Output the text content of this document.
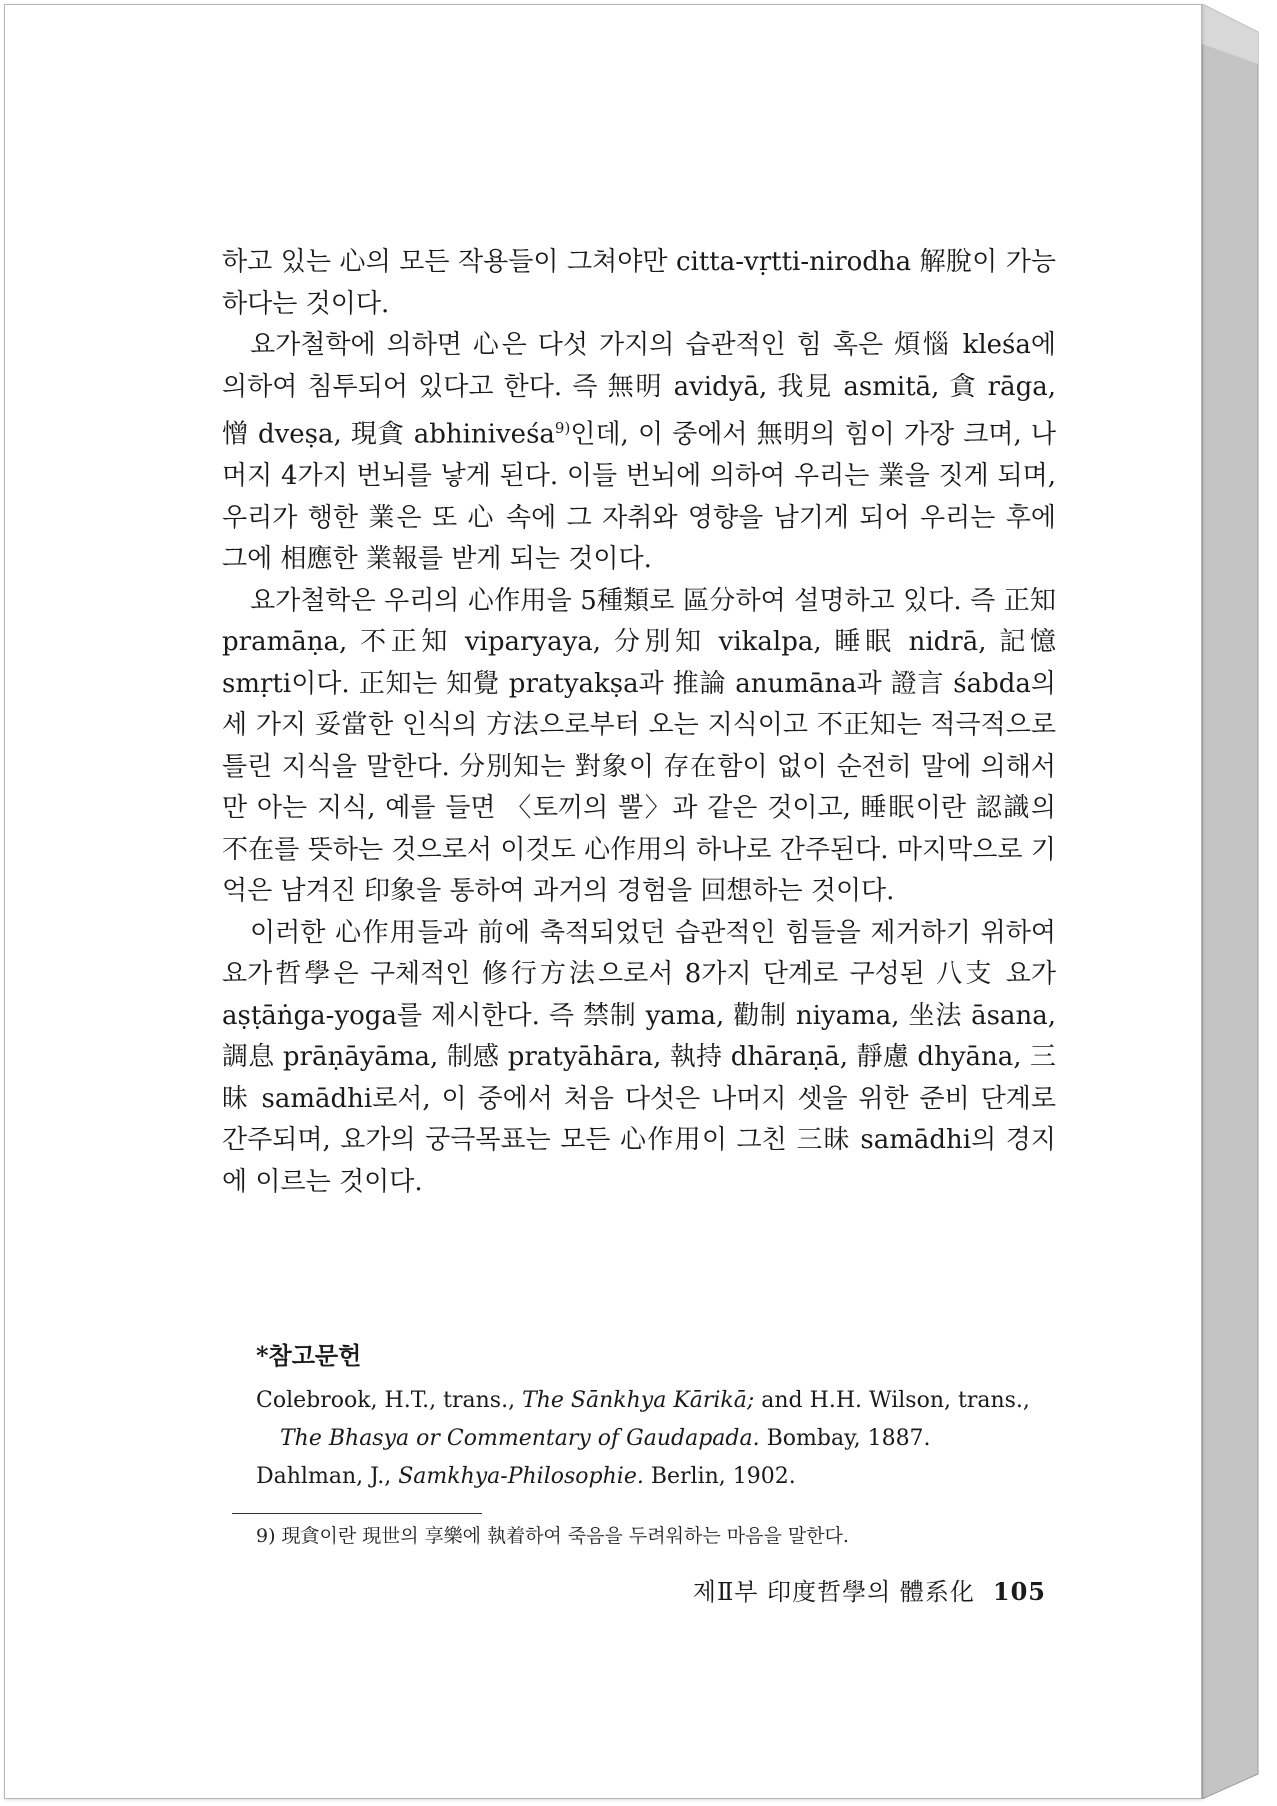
하고 있는 心의 모든 작용들이 그쳐야만 citta-vṛtti-nirodha 解脫이 가능하다는 것이다.

요가철학에 의하면 心은 다섯 가지의 습관적인 힘 혹은 煩惱 kleśa에 의하여 침투되어 있다고 한다. 즉 無明 avidyā, 我見 asmitā, 貪 rāga, 憎 dveṣa, 現貪 abhiniveśa$^{9)}$인데, 이 중에서 無明의 힘이 가장 크며, 나머지 4가지 번뇌를 낳게 된다. 이들 번뇌에 의하여 우리는 業을 짓게 되며, 우리가 행한 業은 또 心 속에 그 자취와 영향을 남기게 되어 우리는 후에 그에 相應한 業報를 받게 되는 것이다.

요가철학은 우리의 心作用을 5種類로 區分하여 설명하고 있다. 즉 正知 pramāṇa, 不正知 viparyaya, 分別知 vikalpa, 睡眠 nidrā, 記憶 smṛti이다. 正知는 知覺 pratyakṣa과 推論 anumāna과 證言 śabda의 세 가지 妥當한 인식의 方法으로부터 오는 지식이고 不正知는 적극적으로 틀린 지식을 말한다. 分別知는 對象이 存在함이 없이 순전히 말에 의해서만 아는 지식, 예를 들면 〈토끼의 뿔〉과 같은 것이고, 睡眠이란 認識의 不在를 뜻하는 것으로서 이것도 心作用의 하나로 간주된다. 마지막으로 기억은 남겨진 印象을 통하여 과거의 경험을 回想하는 것이다.

이러한 心作用들과 前에 축적되었던 습관적인 힘들을 제거하기 위하여 요가哲學은 구체적인 修行方法으로서 8가지 단계로 구성된 八支 요가 aṣṭāṅga-yoga를 제시한다. 즉 禁制 yama, 勸制 niyama, 坐法 āsana, 調息 prāṇāyāma, 制感 pratyāhāra, 執持 dhāraṇā, 靜慮 dhyāna, 三昧 samādhi로서, 이 중에서 처음 다섯은 나머지 셋을 위한 준비 단계로 간주되며, 요가의 궁극목표는 모든 心作用이 그친 三昧 samādhi의 경지에 이르는 것이다.

*참고문헌

Colebrook, H.T., trans., The Sānkhya Kārikā; and H.H. Wilson, trans., The Bhasya or Commentary of Gaudapada. Bombay, 1887.

Dahlman, J., Samkhya-Philosophie. Berlin, 1902.

9) 現貪이란 現世의 享樂에 執着하여 죽음을 두려워하는 마음을 말한다.
제Ⅱ부 印度哲學의 體系化 105
